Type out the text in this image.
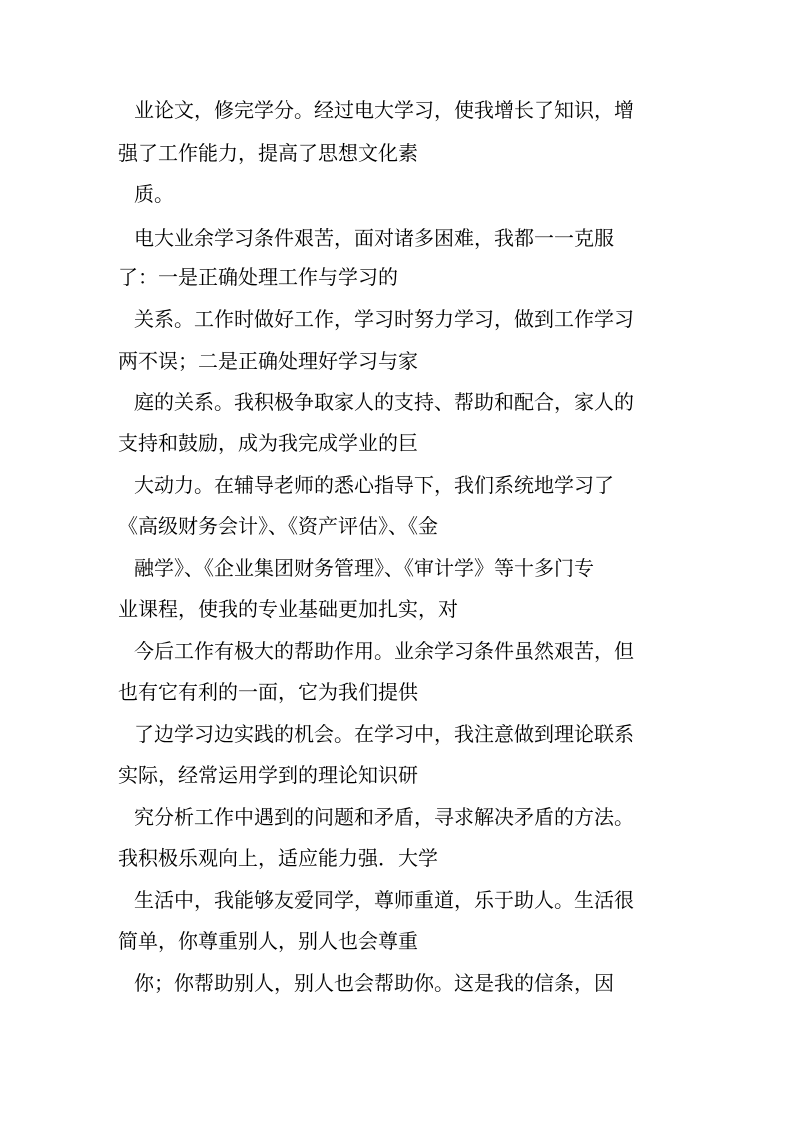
业论文，修完学分。经过电大学习，使我增长了知识，增
强了工作能力，提高了思想文化素
质。
电大业余学习条件艰苦，面对诸多困难，我都一一克服
了：一是正确处理工作与学习的
关系。工作时做好工作，学习时努力学习，做到工作学习
两不误；二是正确处理好学习与家
庭的关系。我积极争取家人的支持、帮助和配合，家人的
支持和鼓励，成为我完成学业的巨
大动力。在辅导老师的悉心指导下，我们系统地学习了
《高级财务会计》、《资产评估》、《金
融学》、《企业集团财务管理》、《审计学》等十多门专
业课程，使我的专业基础更加扎实，对
今后工作有极大的帮助作用。业余学习条件虽然艰苦，但
也有它有利的一面，它为我们提供
了边学习边实践的机会。在学习中，我注意做到理论联系
实际，经常运用学到的理论知识研
究分析工作中遇到的问题和矛盾，寻求解决矛盾的方法。
我积极乐观向上，适应能力强．大学
生活中，我能够友爱同学，尊师重道，乐于助人。生活很
简单，你尊重别人，别人也会尊重
你；你帮助别人，别人也会帮助你。这是我的信条，因
